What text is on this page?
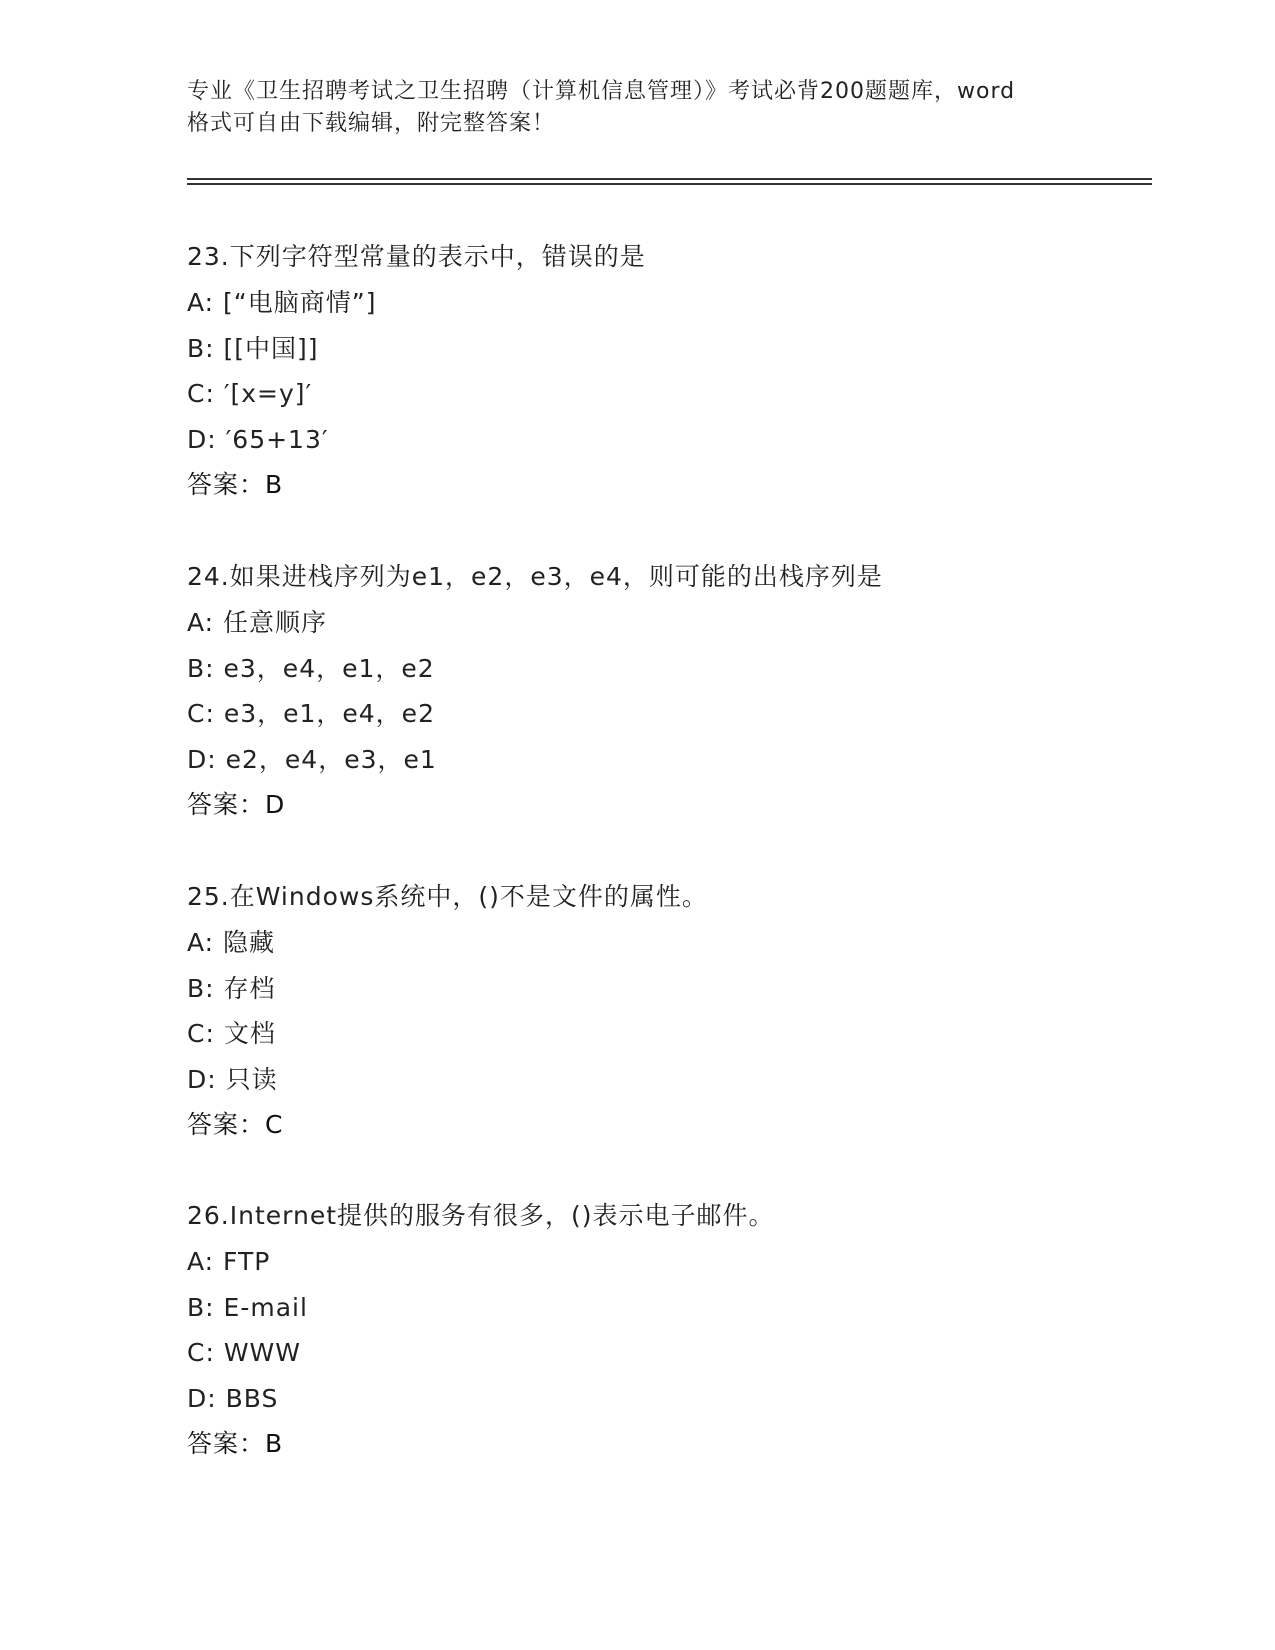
专业《卫生招聘考试之卫生招聘（计算机信息管理）》考试必背200题题库，word
格式可自由下载编辑，附完整答案！
23.下列字符型常量的表示中，错误的是
A: [“电脑商情”]
B: [[中国]]
C: ′[x=y]′
D: ′65+13′
答案：B
24.如果进栈序列为e1，e2，e3，e4，则可能的出栈序列是
A: 任意顺序
B: e3，e4，e1，e2
C: e3，e1，e4，e2
D: e2，e4，e3，e1
答案：D
25.在Windows系统中，()不是文件的属性。
A: 隐藏
B: 存档
C: 文档
D: 只读
答案：C
26.Internet提供的服务有很多，()表示电子邮件。
A: FTP
B: E-mail
C: WWW
D: BBS
答案：B
